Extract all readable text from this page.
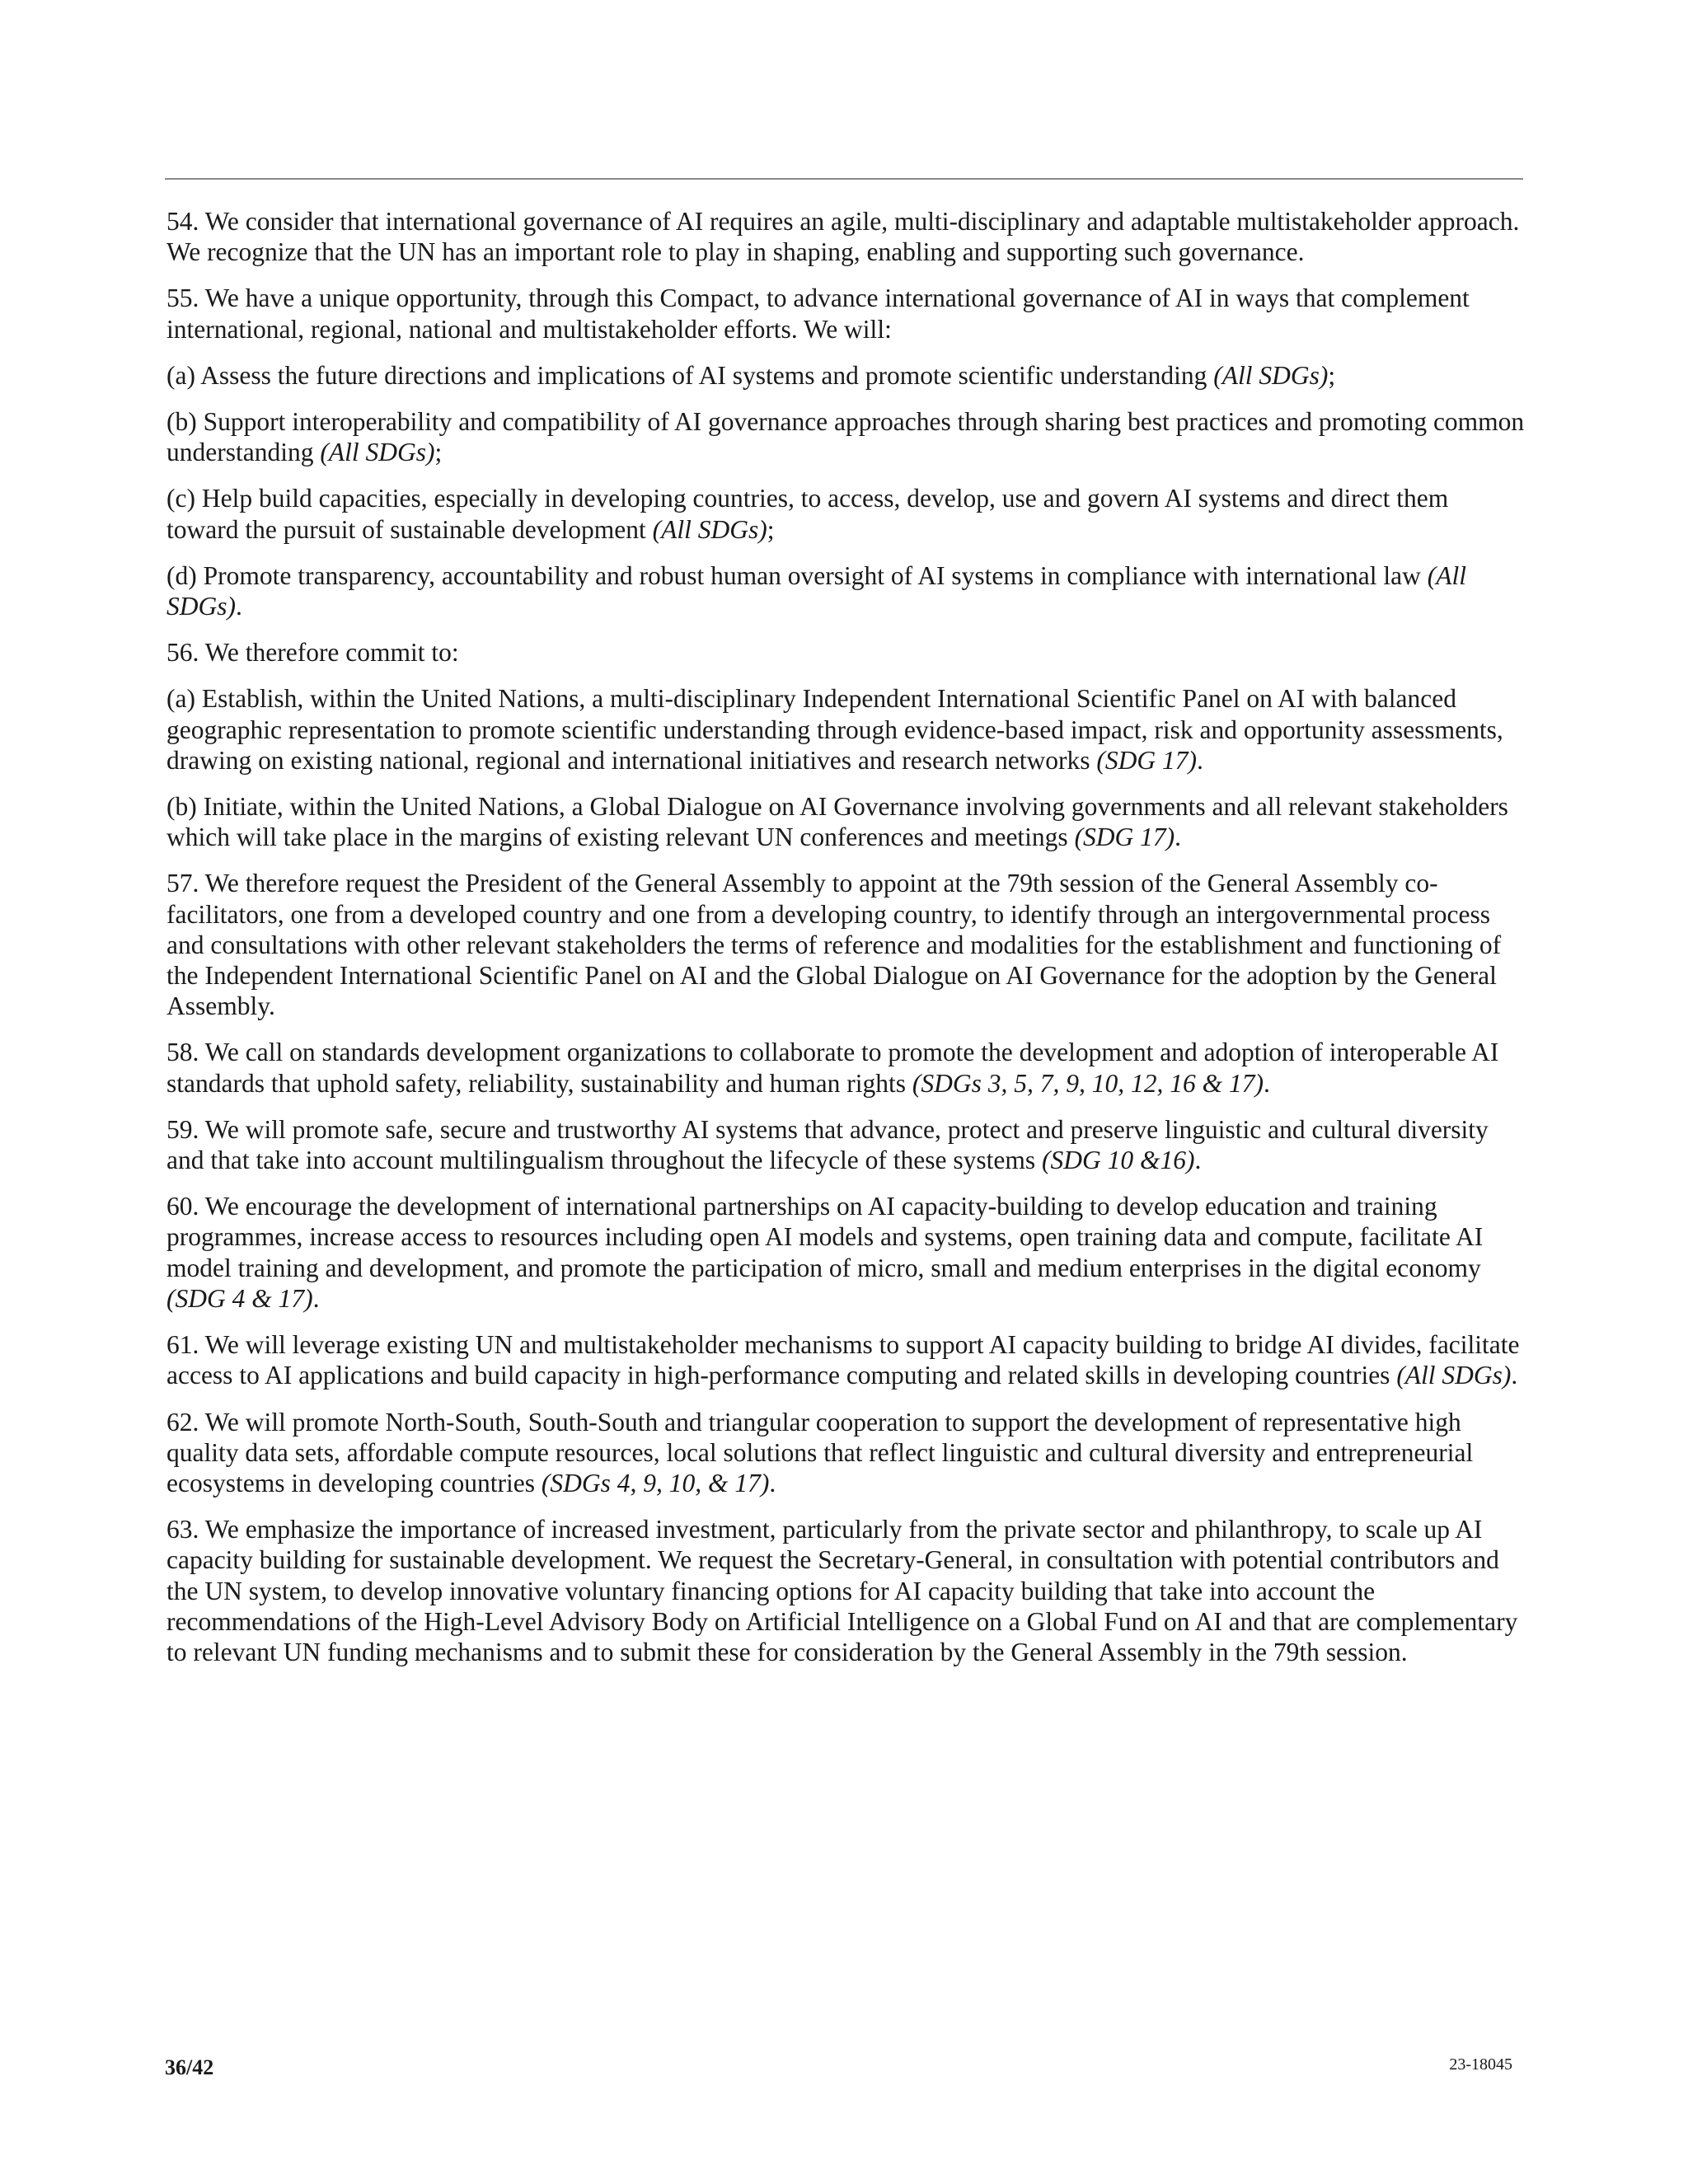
54. We consider that international governance of AI requires an agile, multi-disciplinary and adaptable multistakeholder approach. We recognize that the UN has an important role to play in shaping, enabling and supporting such governance.

55. We have a unique opportunity, through this Compact, to advance international governance of AI in ways that complement international, regional, national and multistakeholder efforts. We will:

(a) Assess the future directions and implications of AI systems and promote scientific understanding (All SDGs);

(b) Support interoperability and compatibility of AI governance approaches through sharing best practices and promoting common understanding (All SDGs);

(c) Help build capacities, especially in developing countries, to access, develop, use and govern AI systems and direct them toward the pursuit of sustainable development (All SDGs);

(d) Promote transparency, accountability and robust human oversight of AI systems in compliance with international law (All SDGs).

56. We therefore commit to:

(a) Establish, within the United Nations, a multi-disciplinary Independent International Scientific Panel on AI with balanced geographic representation to promote scientific understanding through evidence-based impact, risk and opportunity assessments, drawing on existing national, regional and international initiatives and research networks (SDG 17).

(b) Initiate, within the United Nations, a Global Dialogue on AI Governance involving governments and all relevant stakeholders which will take place in the margins of existing relevant UN conferences and meetings (SDG 17).

57. We therefore request the President of the General Assembly to appoint at the 79th session of the General Assembly co-facilitators, one from a developed country and one from a developing country, to identify through an intergovernmental process and consultations with other relevant stakeholders the terms of reference and modalities for the establishment and functioning of the Independent International Scientific Panel on AI and the Global Dialogue on AI Governance for the adoption by the General Assembly.

58. We call on standards development organizations to collaborate to promote the development and adoption of interoperable AI standards that uphold safety, reliability, sustainability and human rights (SDGs 3, 5, 7, 9, 10, 12, 16 & 17).

59. We will promote safe, secure and trustworthy AI systems that advance, protect and preserve linguistic and cultural diversity and that take into account multilingualism throughout the lifecycle of these systems (SDG 10 &16).

60. We encourage the development of international partnerships on AI capacity-building to develop education and training programmes, increase access to resources including open AI models and systems, open training data and compute, facilitate AI model training and development, and promote the participation of micro, small and medium enterprises in the digital economy (SDG 4 & 17).

61. We will leverage existing UN and multistakeholder mechanisms to support AI capacity building to bridge AI divides, facilitate access to AI applications and build capacity in high-performance computing and related skills in developing countries (All SDGs).

62. We will promote North-South, South-South and triangular cooperation to support the development of representative high quality data sets, affordable compute resources, local solutions that reflect linguistic and cultural diversity and entrepreneurial ecosystems in developing countries (SDGs 4, 9, 10, & 17).

63. We emphasize the importance of increased investment, particularly from the private sector and philanthropy, to scale up AI capacity building for sustainable development. We request the Secretary-General, in consultation with potential contributors and the UN system, to develop innovative voluntary financing options for AI capacity building that take into account the recommendations of the High-Level Advisory Body on Artificial Intelligence on a Global Fund on AI and that are complementary to relevant UN funding mechanisms and to submit these for consideration by the General Assembly in the 79th session.

36/42	23-18045
